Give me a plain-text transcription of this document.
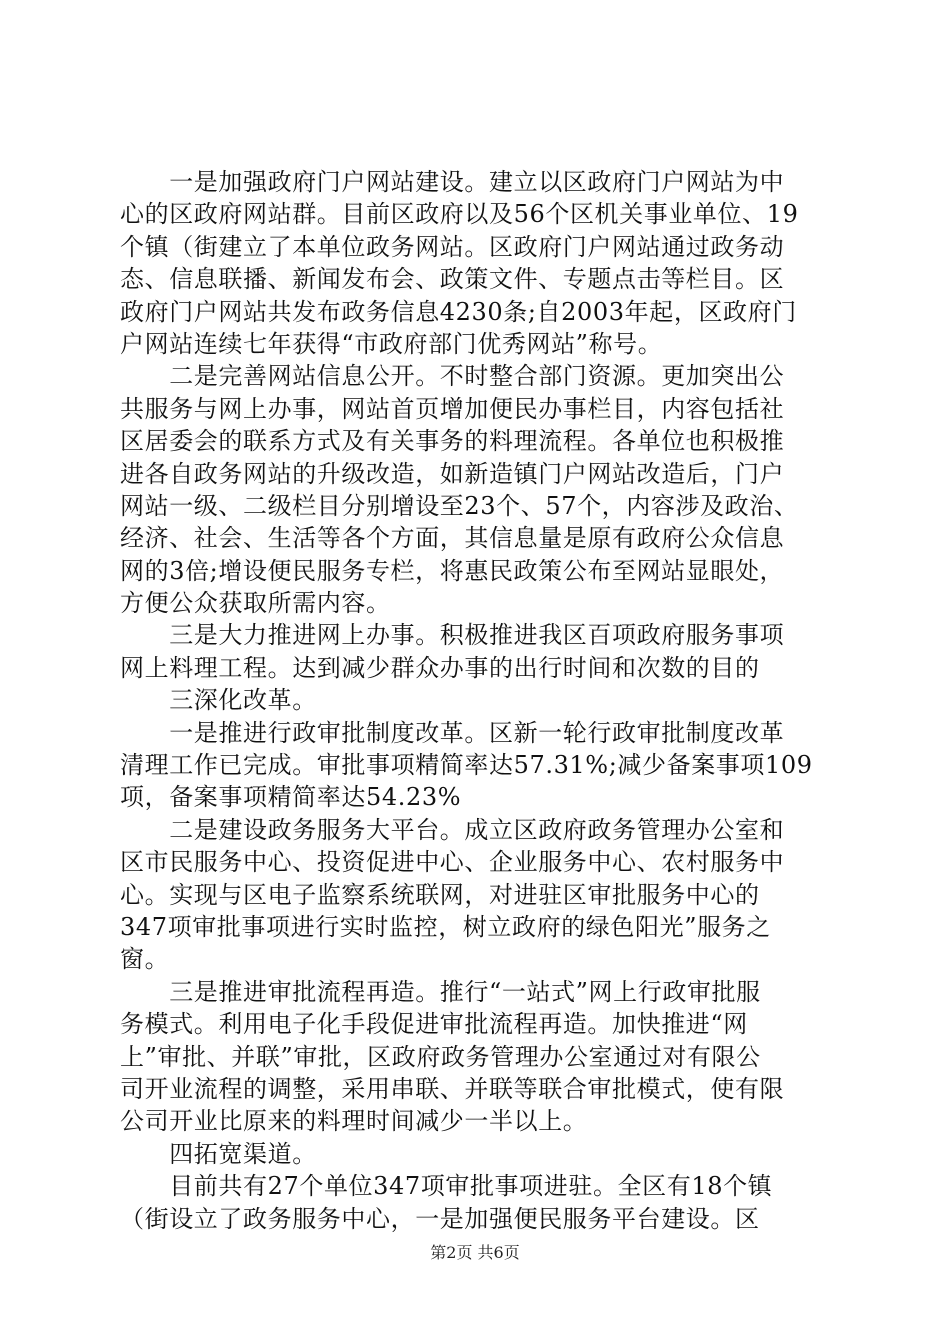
　　一是加强政府门户网站建设。建立以区政府门户网站为中
心的区政府网站群。目前区政府以及56个区机关事业单位、19
个镇（街建立了本单位政务网站。区政府门户网站通过政务动
态、信息联播、新闻发布会、政策文件、专题点击等栏目。区
政府门户网站共发布政务信息4230条;自2003年起，区政府门
户网站连续七年获得“市政府部门优秀网站”称号。
　　二是完善网站信息公开。不时整合部门资源。更加突出公
共服务与网上办事，网站首页增加便民办事栏目，内容包括社
区居委会的联系方式及有关事务的料理流程。各单位也积极推
进各自政务网站的升级改造，如新造镇门户网站改造后，门户
网站一级、二级栏目分别增设至23个、57个，内容涉及政治、
经济、社会、生活等各个方面，其信息量是原有政府公众信息
网的3倍;增设便民服务专栏，将惠民政策公布至网站显眼处，
方便公众获取所需内容。
　　三是大力推进网上办事。积极推进我区百项政府服务事项
网上料理工程。达到减少群众办事的出行时间和次数的目的
　　三深化改革。
　　一是推进行政审批制度改革。区新一轮行政审批制度改革
清理工作已完成。审批事项精简率达57.31%;减少备案事项109
项，备案事项精简率达54.23%
　　二是建设政务服务大平台。成立区政府政务管理办公室和
区市民服务中心、投资促进中心、企业服务中心、农村服务中
心。实现与区电子监察系统联网，对进驻区审批服务中心的
347项审批事项进行实时监控，树立政府的绿色阳光”服务之
窗。
　　三是推进审批流程再造。推行“一站式”网上行政审批服
务模式。利用电子化手段促进审批流程再造。加快推进“网
上”审批、并联”审批，区政府政务管理办公室通过对有限公
司开业流程的调整，采用串联、并联等联合审批模式，使有限
公司开业比原来的料理时间减少一半以上。
　　四拓宽渠道。
　　目前共有27个单位347项审批事项进驻。全区有18个镇
（街设立了政务服务中心，一是加强便民服务平台建设。区
第2页 共6页
